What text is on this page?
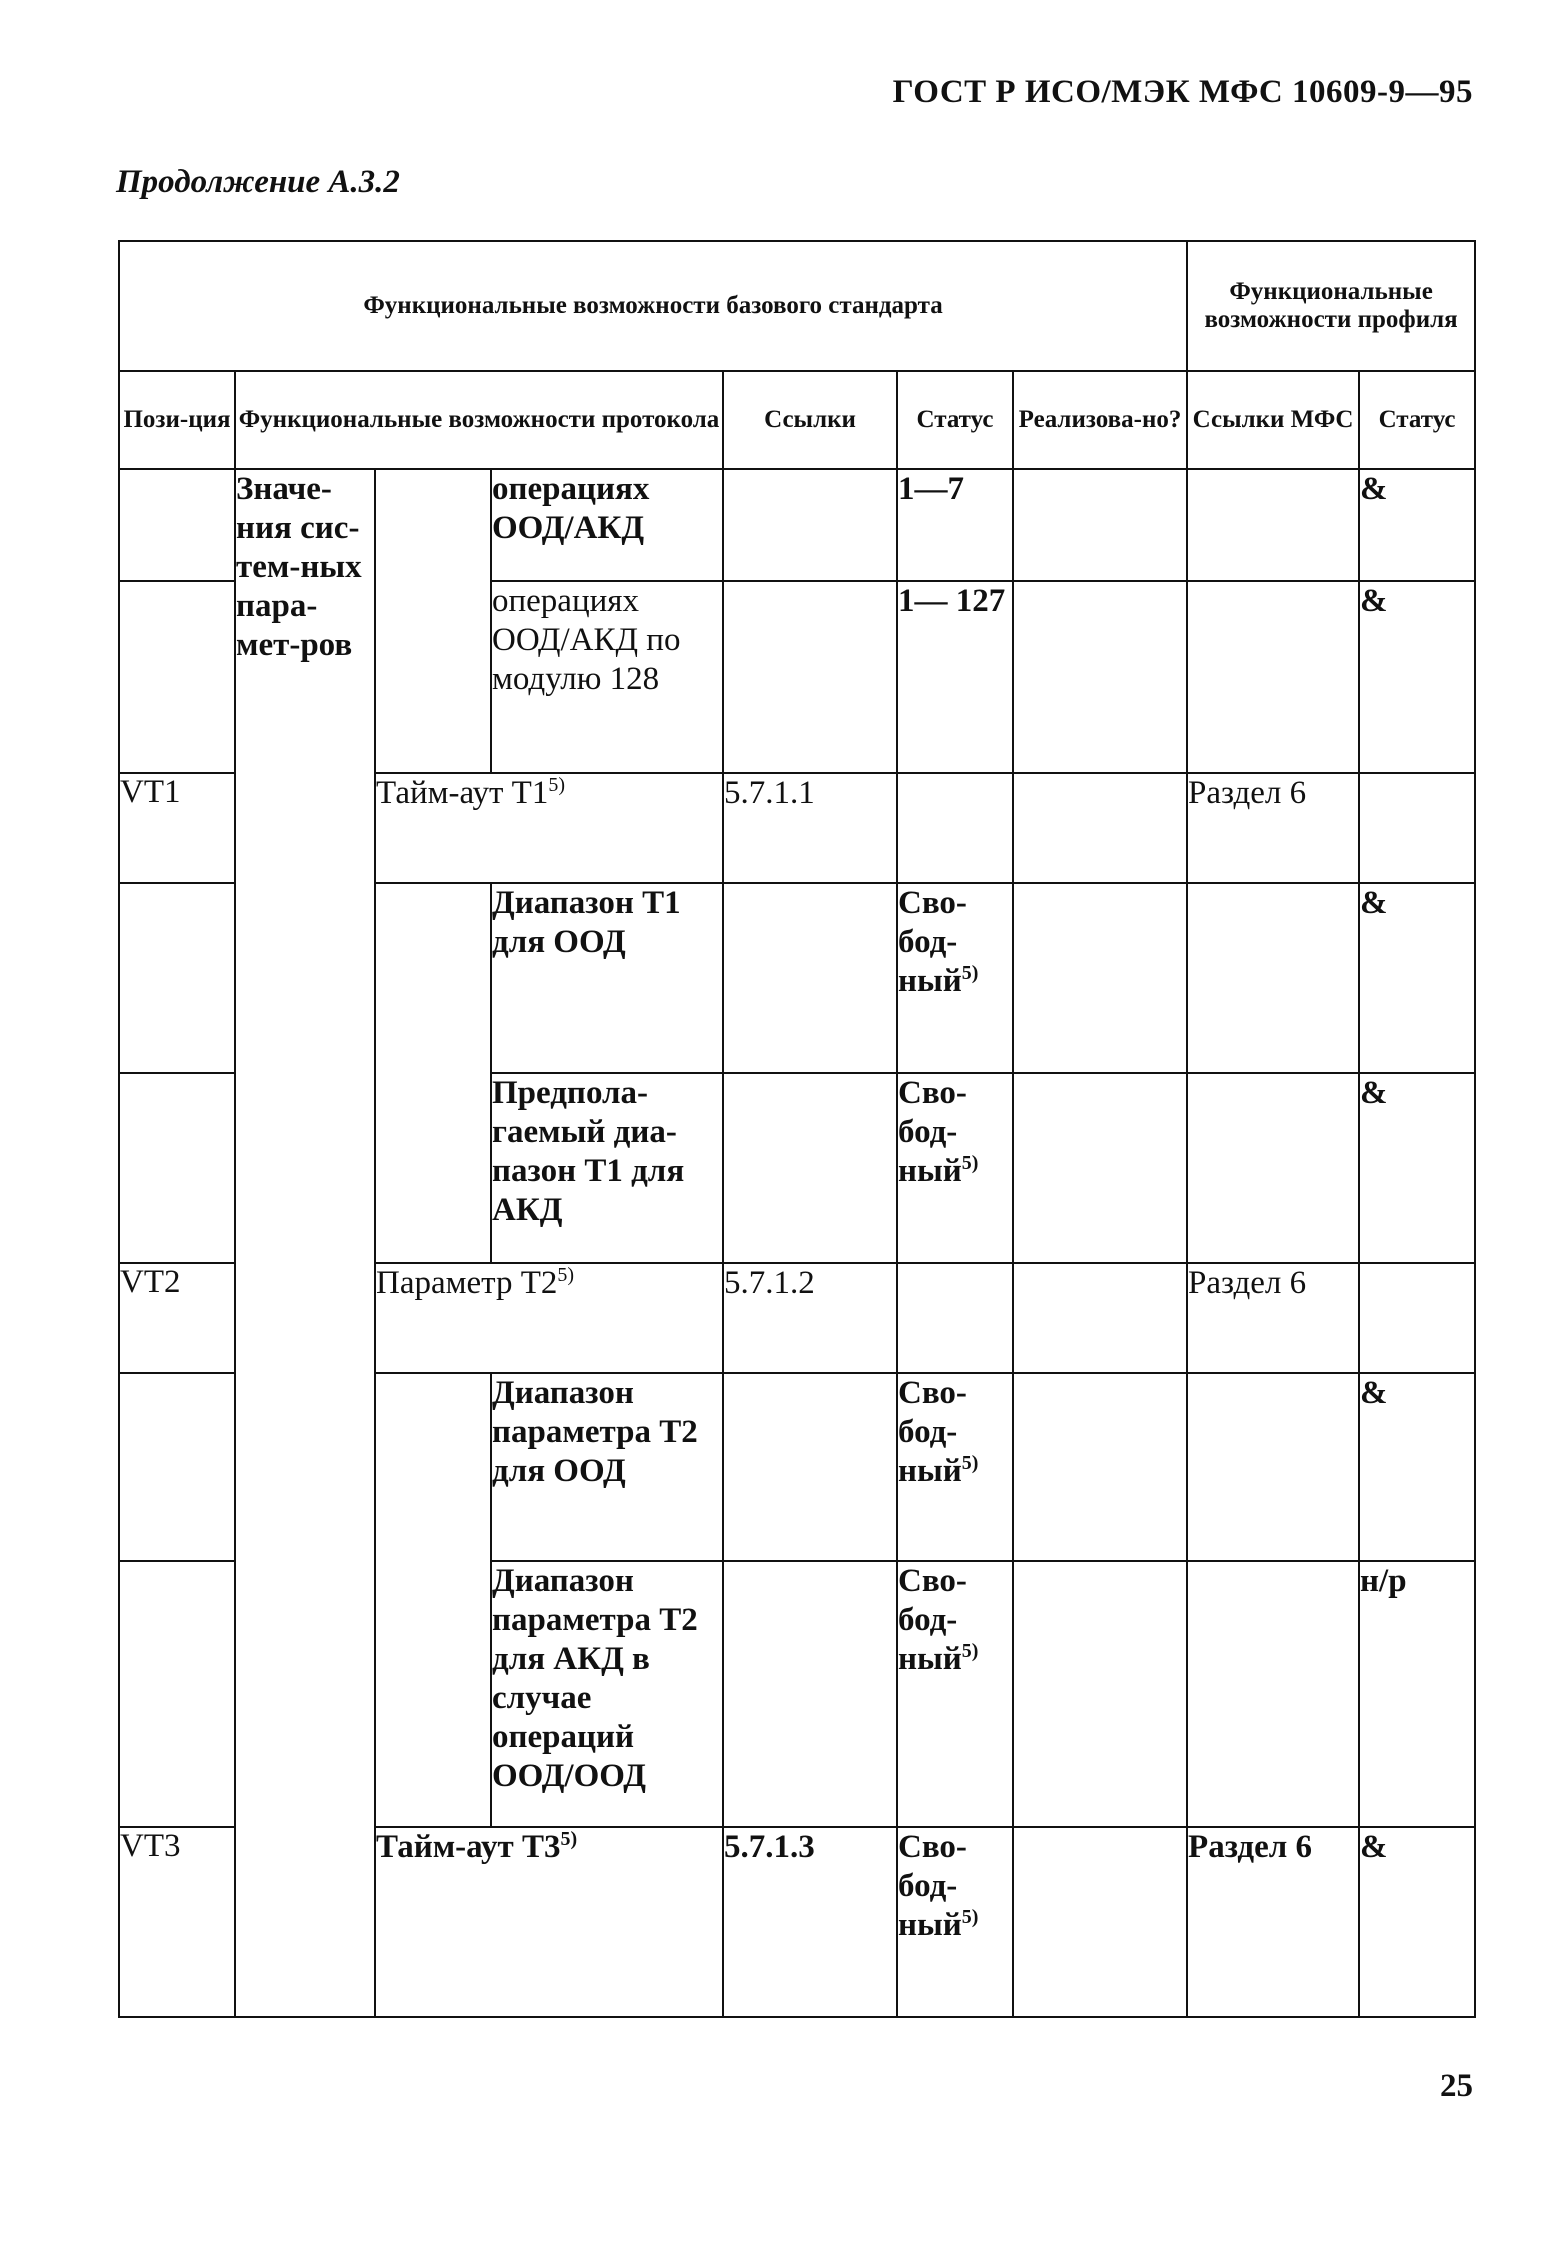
ГОСТ Р ИСО/МЭК МФС 10609-9—95
Продолжение А.3.2
Функциональные возможности базового стандарта							Функциональные возможности профиля	
Пози-ция	Функциональные возможности протокола			Ссылки	Статус	Реализова-но?	Ссылки МФС	Статус
	Значе-ния сис-тем-ных пара-мет-ров		операциях ООД/АКД		1—7			&
			операциях ООД/АКД по модулю 128		1— 127			&
VT1		Тайм-аут T1$^{5)}$		5.7.1.1			Раздел 6	
			Диапазон T1 для ООД		Сво-бод-ный$^{5)}$			&
			Предпола-гаемый диа-пазон T1 для АКД		Сво-бод-ный$^{5)}$			&
VT2		Параметр T2$^{5)}$		5.7.1.2			Раздел 6	
			Диапазон параметра T2 для ООД		Сво-бод-ный$^{5)}$			&
			Диапазон параметра T2 для АКД в случае операций ООД/ООД		Сво-бод-ный$^{5)}$			н/р
VT3		Тайм-аут T3$^{5)}$		5.7.1.3	Сво-бод-ный$^{5)}$		Раздел 6	&
25
